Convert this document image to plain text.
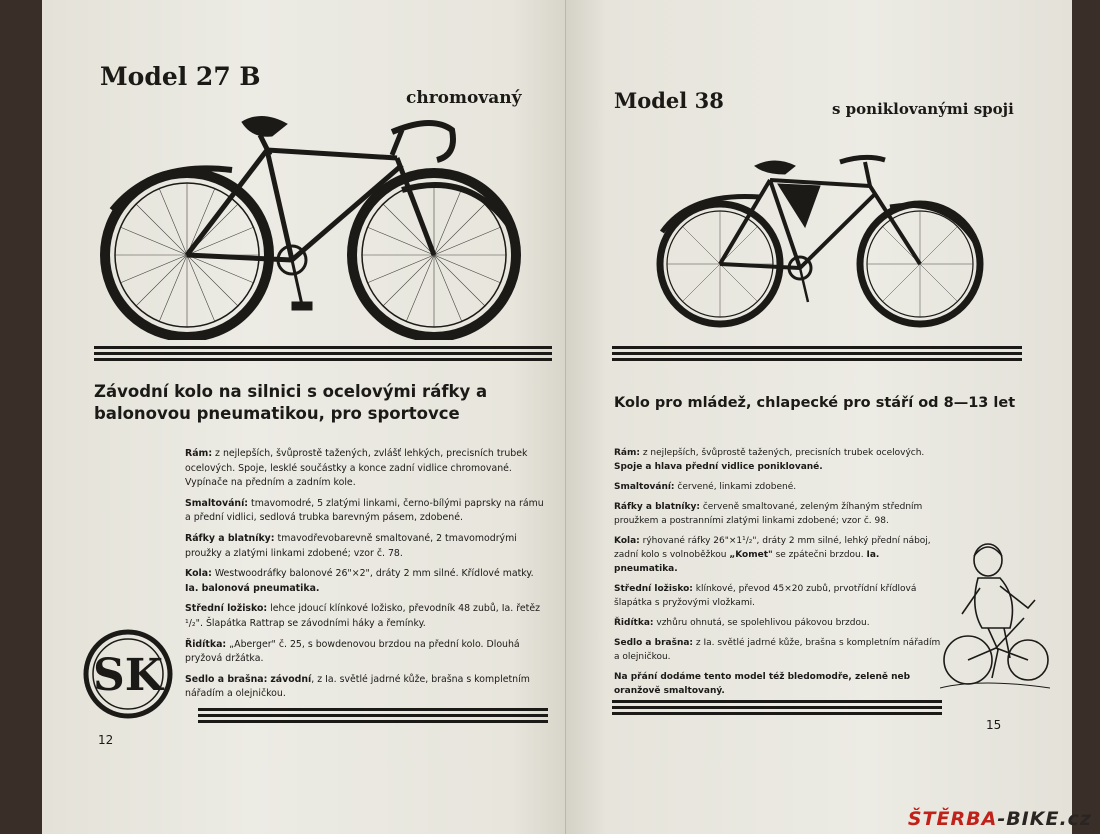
Model 27 B
chromovaný
Závodní kolo na silnici s ocelovými ráfky a
balonovou pneumatikou, pro sportovce

Rám: z nejlepších, švůprostě tažených, zvlášť lehkých, precisních trubek ocelových. Spoje, lesklé součástky a konce zadní vidlice chromované. Vypínače na předním a zadním kole.

Smaltování: tmavomodré, 5 zlatými linkami, černo-bílými paprsky na rámu a přední vidlici, sedlová trubka barevným pásem, zdobené.

Ráfky a blatníky: tmavodřevobarevně smaltované, 2 tmavomodrými proužky a zlatými linkami zdobené; vzor č. 78.

Kola: Westwoodráfky balonové 26"×2", dráty 2 mm silné. Křídlové matky. Ia. balonová pneumatika.

Střední ložisko: lehce jdoucí klínkové ložisko, převodník 48 zubů, Ia. řetěz ¹/₂". Šlapátka Rattrap se závodními háky a řemínky.

Řidítka: „Aberger" č. 25, s bowdenovou brzdou na přední kolo. Dlouhá pryžová držátka.

Sedlo a brašna: závodní, z Ia. světlé jadrné kůže, brašna s kompletním nářadím a olejničkou.

SK
12
Model 38	s poniklovanými spoji
Kolo pro mládež, chlapecké pro stáří od 8—13 let

Rám: z nejlepších, švůprostě tažených, precisních trubek ocelových. Spoje a hlava přední vidlice poniklované.

Smaltování: červené, linkami zdobené.

Ráfky a blatníky: červeně smaltované, zeleným žíhaným středním proužkem a postranními zlatými linkami zdobené; vzor č. 98.

Kola: rýhované ráfky 26"×1¹/₂", dráty 2 mm silné, lehký přední náboj, zadní kolo s volnoběžkou „Komet" se zpátečni brzdou. Ia. pneumatika.

Střední ložisko: klínkové, převod 45×20 zubů, prvotřídní křídlová šlapátka s pryžovými vložkami.

Řidítka: vzhůru ohnutá, se spolehlivou pákovou brzdou.

Sedlo a brašna: z Ia. světlé jadrné kůže, brašna s kompletním nářadím a olejničkou.

Na přání dodáme tento model též bledomodře, zeleně neb oranžově smaltovaný.

15
ŠTĚRBA-BIKE.cz
